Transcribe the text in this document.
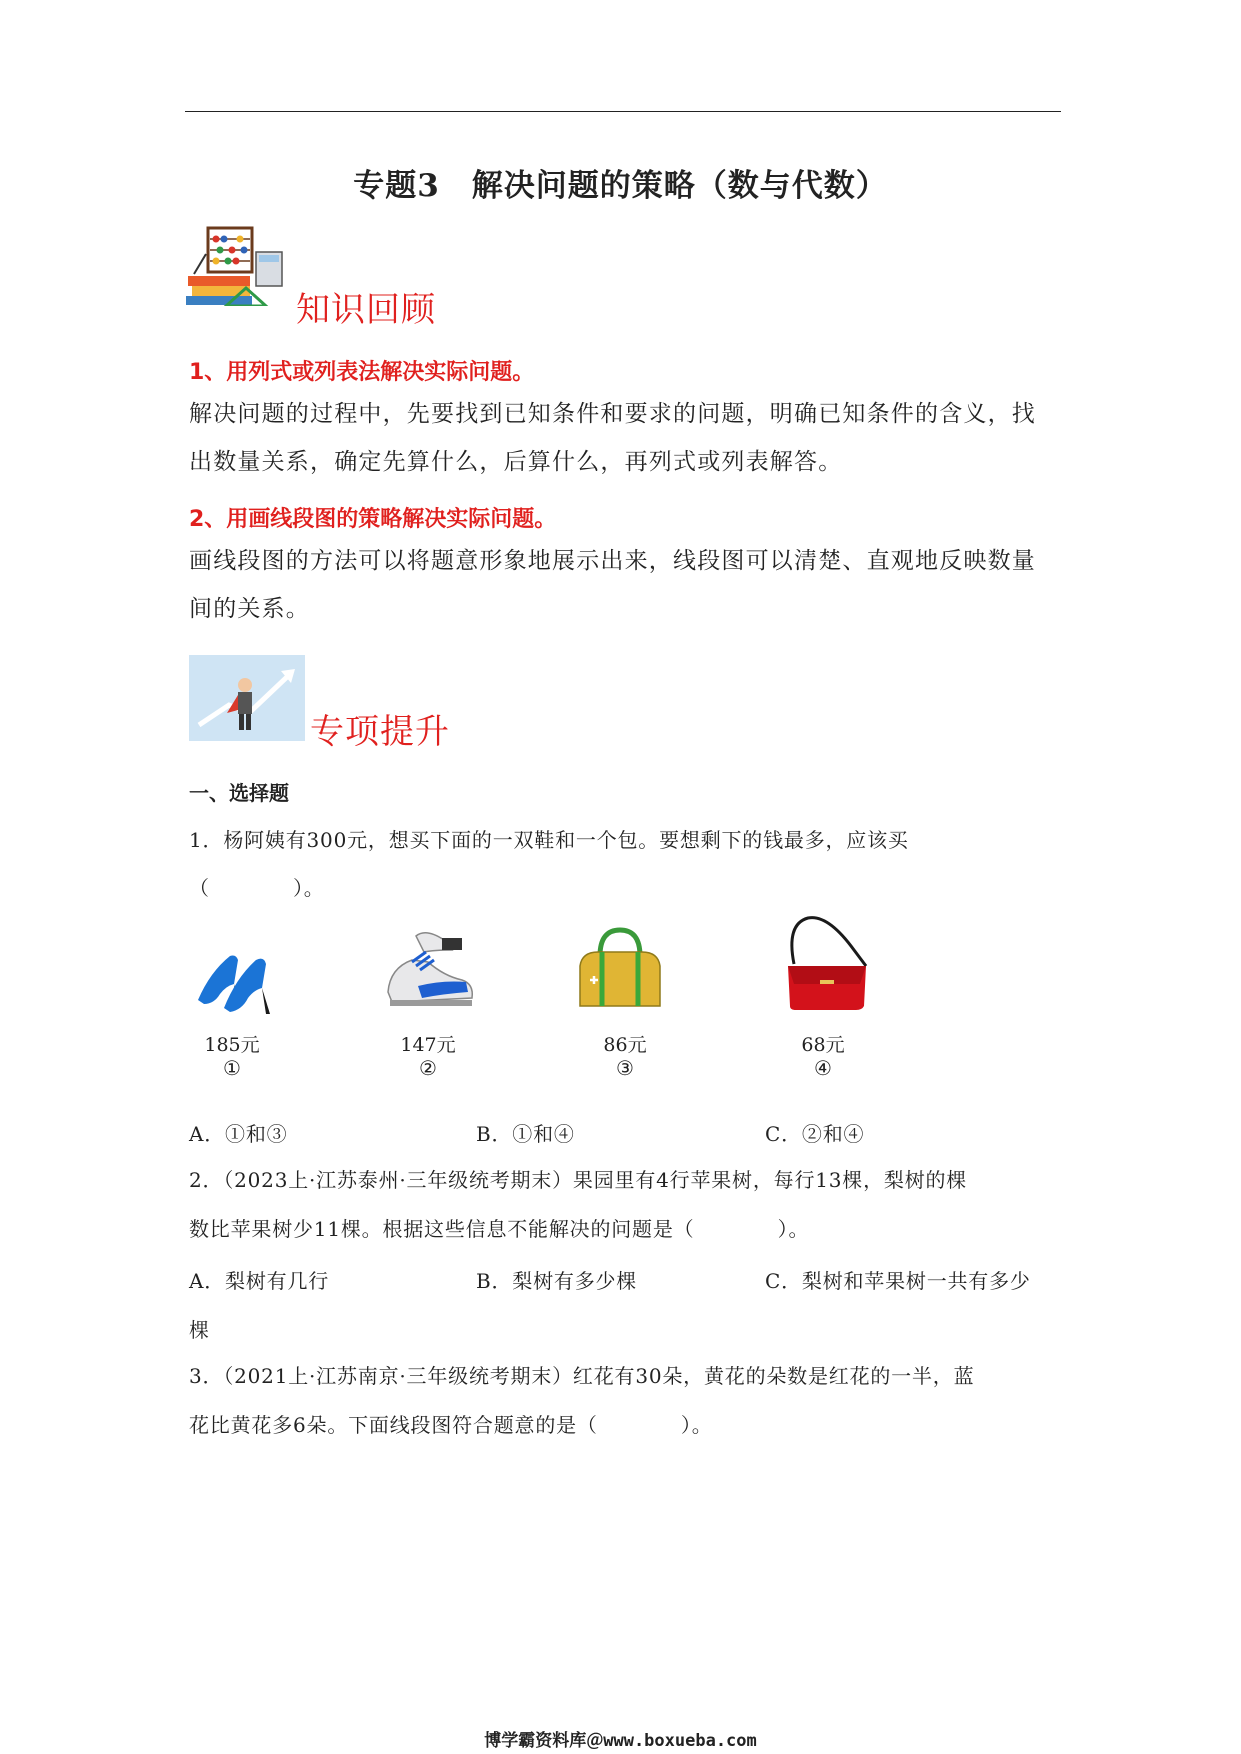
专题3　解决问题的策略（数与代数）
知识回顾
1、用列式或列表法解决实际问题。
解决问题的过程中，先要找到已知条件和要求的问题，明确已知条件的含义，找
出数量关系，确定先算什么，后算什么，再列式或列表解答。
2、用画线段图的策略解决实际问题。
画线段图的方法可以将题意形象地展示出来，线段图可以清楚、直观地反映数量
间的关系。
专项提升
一、选择题
1．杨阿姨有300元，想买下面的一双鞋和一个包。要想剩下的钱最多，应该买
（　　　　）。
185元
①
147元
②
86元
③
68元
④
A．①和③	B．①和④	C．②和④
2．（2023上·江苏泰州·三年级统考期末）果园里有4行苹果树，每行13棵，梨树的棵
数比苹果树少11棵。根据这些信息不能解决的问题是（　　　　）。
A．梨树有几行	B．梨树有多少棵	C．梨树和苹果树一共有多少
棵
3．（2021上·江苏南京·三年级统考期末）红花有30朵，黄花的朵数是红花的一半，蓝
花比黄花多6朵。下面线段图符合题意的是（　　　　）。
博学霸资料库＠www.boxueba.com
